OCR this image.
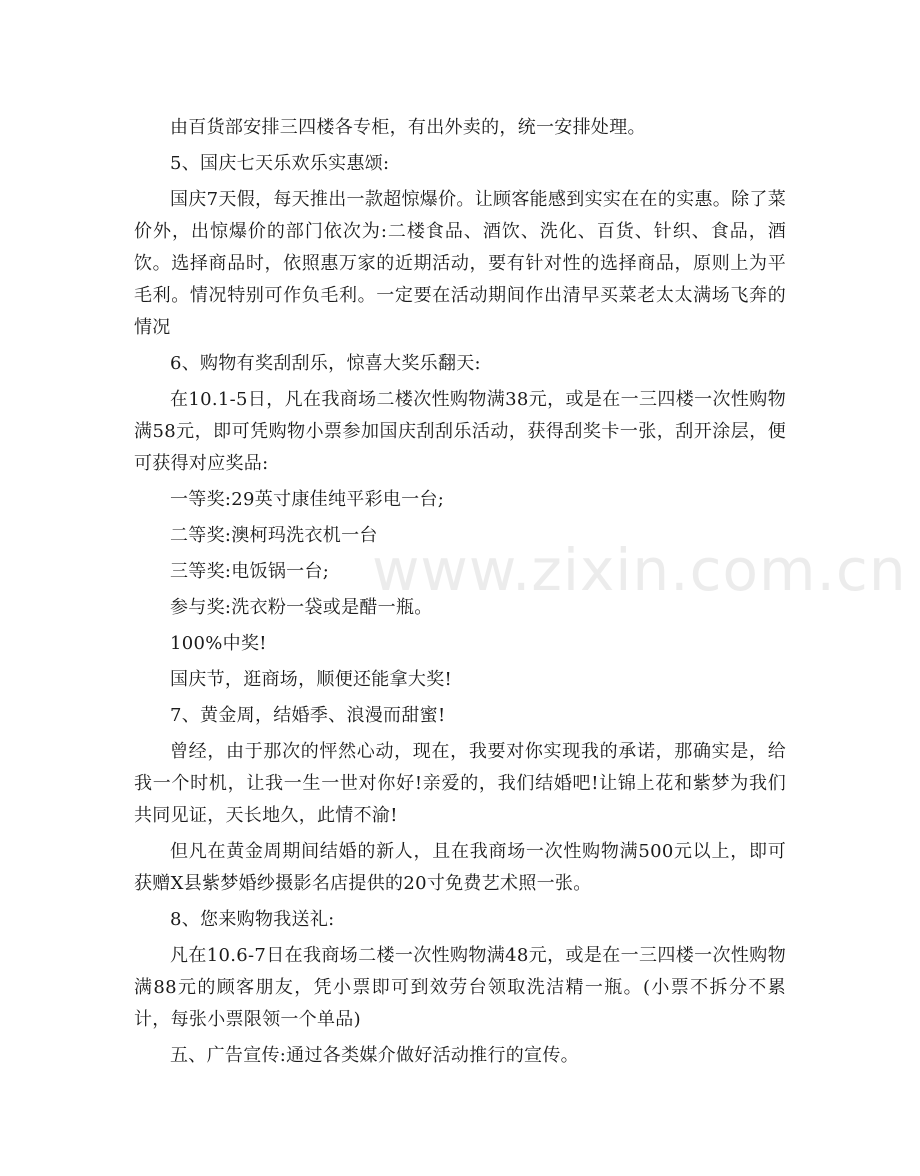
由百货部安排三四楼各专柜，有出外卖的，统一安排处理。

5、国庆七天乐欢乐实惠颂:

国庆7天假，每天推出一款超惊爆价。让顾客能感到实实在在的实惠。除了菜价外，出惊爆价的部门依次为:二楼食品、酒饮、洗化、百货、针织、食品，酒饮。选择商品时，依照惠万家的近期活动，要有针对性的选择商品，原则上为平毛利。情况特别可作负毛利。一定要在活动期间作出清早买菜老太太满场飞奔的情况

6、购物有奖刮刮乐，惊喜大奖乐翻天:

在10.1-5日，凡在我商场二楼次性购物满38元，或是在一三四楼一次性购物满58元，即可凭购物小票参加国庆刮刮乐活动，获得刮奖卡一张，刮开涂层，便可获得对应奖品:

一等奖:29英寸康佳纯平彩电一台;

二等奖:澳柯玛洗衣机一台

三等奖:电饭锅一台;

参与奖:洗衣粉一袋或是醋一瓶。

100%中奖!

国庆节，逛商场，顺便还能拿大奖!

7、黄金周，结婚季、浪漫而甜蜜!

曾经，由于那次的怦然心动，现在，我要对你实现我的承诺，那确实是，给我一个时机，让我一生一世对你好!亲爱的，我们结婚吧!让锦上花和紫梦为我们共同见证，天长地久，此情不渝!

但凡在黄金周期间结婚的新人，且在我商场一次性购物满500元以上，即可获赠X县紫梦婚纱摄影名店提供的20寸免费艺术照一张。

8、您来购物我送礼:

凡在10.6-7日在我商场二楼一次性购物满48元，或是在一三四楼一次性购物满88元的顾客朋友，凭小票即可到效劳台领取洗洁精一瓶。(小票不拆分不累计，每张小票限领一个单品)

五、广告宣传:通过各类媒介做好活动推行的宣传。

www.zixin.com.cn
